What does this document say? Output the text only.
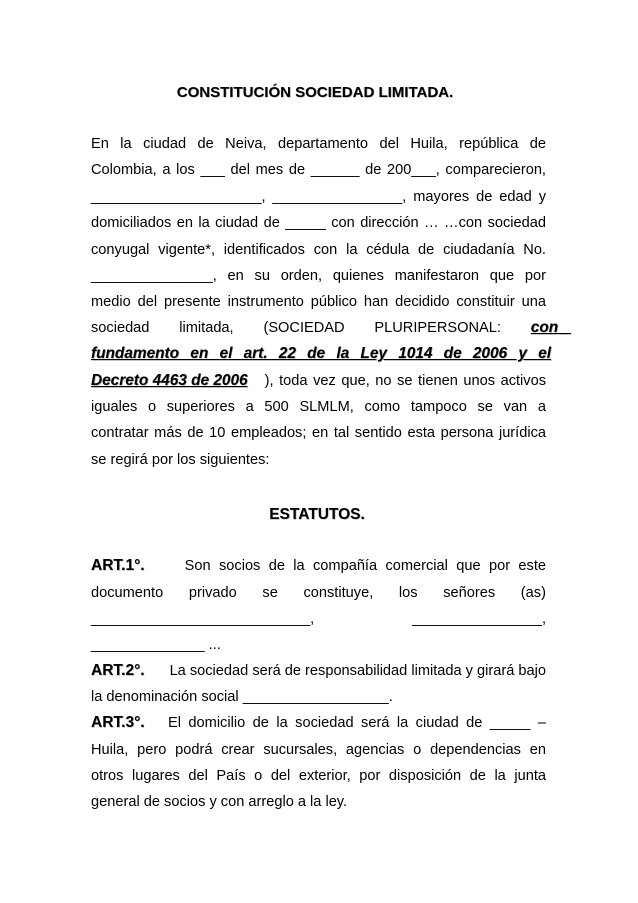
CONSTITUCIÓN SOCIEDAD LIMITADA.
En la ciudad de Neiva, departamento del Huila, república de
Colombia, a los ___ del mes de ______ de 200___, comparecieron,
_____________________, ________________, mayores de edad y
domiciliados en la ciudad de _____ con dirección … …con sociedad
conyugal vigente*, identificados con la cédula de ciudadanía No.
_______________, en su orden, quienes manifestaron que por
medio del presente instrumento público han decidido constituir una
sociedad limitada, (SOCIEDAD PLURIPERSONAL: con
fundamento en el art. 22 de la Ley 1014 de 2006 y el
Decreto 4463 de 2006 ), toda vez que, no se tienen unos activos
iguales o superiores a 500 SLMLM, como tampoco se van a
contratar más de 10 empleados; en tal sentido esta persona jurídica
se regirá por los siguientes:
ESTATUTOS.
ART.1°.	Son socios de la compañía comercial que por este
documento privado se constituye, los señores (as)
___________________________,	________________,
______________ ...
ART.2°. La sociedad será de responsabilidad limitada y girará bajo
la denominación social __________________.
ART.3°. El domicilio de la sociedad será la ciudad de _____ –
Huila, pero podrá crear sucursales, agencias o dependencias en
otros lugares del País o del exterior, por disposición de la junta
general de socios y con arreglo a la ley.
